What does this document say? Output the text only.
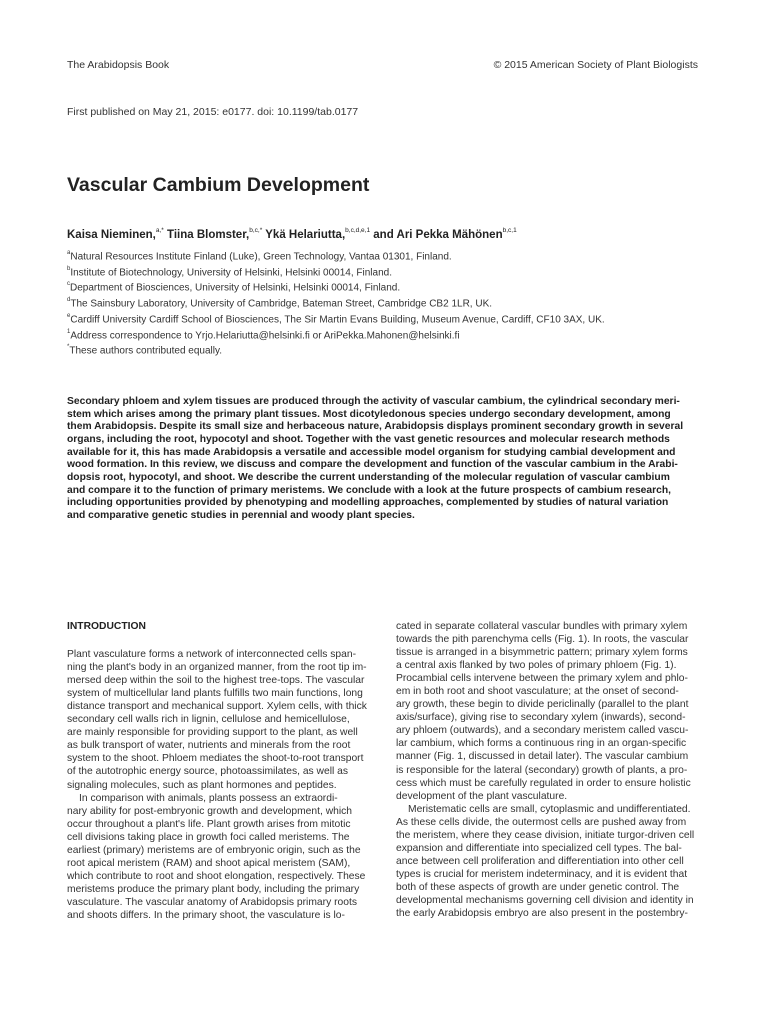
The Arabidopsis Book	© 2015 American Society of Plant Biologists
First published on May 21, 2015: e0177. doi: 10.1199/tab.0177
Vascular Cambium Development

Kaisa Nieminen,$^{a,*}$ Tiina Blomster,$^{b,c,*}$ Ykä Helariutta,$^{b,c,d,e,1}$ and Ari Pekka Mähönen$^{b,c,1}$

$^a$Natural Resources Institute Finland (Luke), Green Technology, Vantaa 01301, Finland.
$^b$Institute of Biotechnology, University of Helsinki, Helsinki 00014, Finland.
$^c$Department of Biosciences, University of Helsinki, Helsinki 00014, Finland.
$^d$The Sainsbury Laboratory, University of Cambridge, Bateman Street, Cambridge CB2 1LR, UK.
$^e$Cardiff University Cardiff School of Biosciences, The Sir Martin Evans Building, Museum Avenue, Cardiff, CF10 3AX, UK.
$^1$Address correspondence to Yrjo.Helariutta@helsinki.fi or AriPekka.Mahonen@helsinki.fi
*These authors contributed equally.
Secondary phloem and xylem tissues are produced through the activity of vascular cambium, the cylindrical secondary meri-
stem which arises among the primary plant tissues. Most dicotyledonous species undergo secondary development, among
them Arabidopsis. Despite its small size and herbaceous nature, Arabidopsis displays prominent secondary growth in several
organs, including the root, hypocotyl and shoot. Together with the vast genetic resources and molecular research methods
available for it, this has made Arabidopsis a versatile and accessible model organism for studying cambial development and
wood formation. In this review, we discuss and compare the development and function of the vascular cambium in the Arabi-
dopsis root, hypocotyl, and shoot. We describe the current understanding of the molecular regulation of vascular cambium
and compare it to the function of primary meristems. We conclude with a look at the future prospects of cambium research,
including opportunities provided by phenotyping and modelling approaches, complemented by studies of natural variation
and comparative genetic studies in perennial and woody plant species.
INTRODUCTION
Plant vasculature forms a network of interconnected cells span-
ning the plant's body in an organized manner, from the root tip im-
mersed deep within the soil to the highest tree-tops. The vascular
system of multicellular land plants fulfills two main functions, long
distance transport and mechanical support. Xylem cells, with thick
secondary cell walls rich in lignin, cellulose and hemicellulose,
are mainly responsible for providing support to the plant, as well
as bulk transport of water, nutrients and minerals from the root
system to the shoot. Phloem mediates the shoot-to-root transport
of the autotrophic energy source, photoassimilates, as well as
signaling molecules, such as plant hormones and peptides.
In comparison with animals, plants possess an extraordi-
nary ability for post-embryonic growth and development, which
occur throughout a plant's life. Plant growth arises from mitotic
cell divisions taking place in growth foci called meristems. The
earliest (primary) meristems are of embryonic origin, such as the
root apical meristem (RAM) and shoot apical meristem (SAM),
which contribute to root and shoot elongation, respectively. These
meristems produce the primary plant body, including the primary
vasculature. The vascular anatomy of Arabidopsis primary roots
and shoots differs. In the primary shoot, the vasculature is lo-
cated in separate collateral vascular bundles with primary xylem
towards the pith parenchyma cells (Fig. 1). In roots, the vascular
tissue is arranged in a bisymmetric pattern; primary xylem forms
a central axis flanked by two poles of primary phloem (Fig. 1).
Procambial cells intervene between the primary xylem and phlo-
em in both root and shoot vasculature; at the onset of second-
ary growth, these begin to divide periclinally (parallel to the plant
axis/surface), giving rise to secondary xylem (inwards), second-
ary phloem (outwards), and a secondary meristem called vascu-
lar cambium, which forms a continuous ring in an organ-specific
manner (Fig. 1, discussed in detail later). The vascular cambium
is responsible for the lateral (secondary) growth of plants, a pro-
cess which must be carefully regulated in order to ensure holistic
development of the plant vasculature.
Meristematic cells are small, cytoplasmic and undifferentiated.
As these cells divide, the outermost cells are pushed away from
the meristem, where they cease division, initiate turgor-driven cell
expansion and differentiate into specialized cell types. The bal-
ance between cell proliferation and differentiation into other cell
types is crucial for meristem indeterminacy, and it is evident that
both of these aspects of growth are under genetic control. The
developmental mechanisms governing cell division and identity in
the early Arabidopsis embryo are also present in the postembry-
